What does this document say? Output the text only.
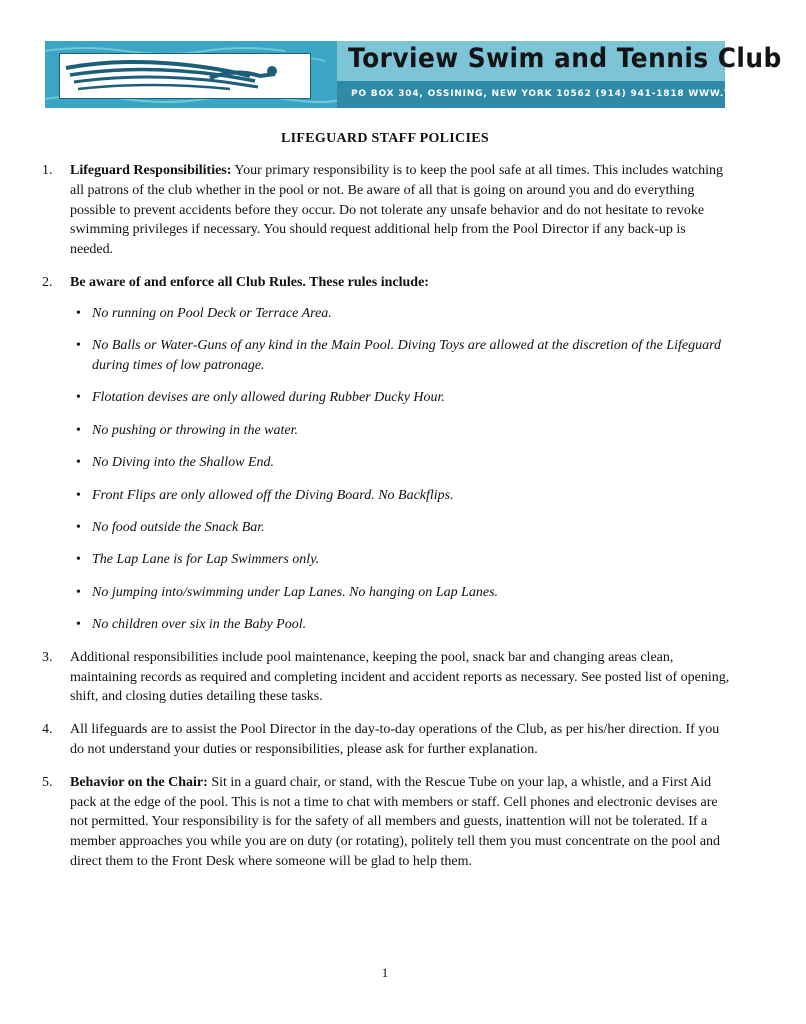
Torview Swim and Tennis Club
PO BOX 304, OSSINING, NEW YORK 10562 (914) 941-1818 WWW.TORVIEW.COM
LIFEGUARD STAFF POLICIES
1. Lifeguard Responsibilities: Your primary responsibility is to keep the pool safe at all times. This includes watching all patrons of the club whether in the pool or not. Be aware of all that is going on around you and do everything possible to prevent accidents before they occur. Do not tolerate any unsafe behavior and do not hesitate to revoke swimming privileges if necessary. You should request additional help from the Pool Director if any back-up is needed.
2. Be aware of and enforce all Club Rules. These rules include:
• No running on Pool Deck or Terrace Area.
• No Balls or Water-Guns of any kind in the Main Pool. Diving Toys are allowed at the discretion of the Lifeguard during times of low patronage.
• Flotation devises are only allowed during Rubber Ducky Hour.
• No pushing or throwing in the water.
• No Diving into the Shallow End.
• Front Flips are only allowed off the Diving Board. No Backflips.
• No food outside the Snack Bar.
• The Lap Lane is for Lap Swimmers only.
• No jumping into/swimming under Lap Lanes. No hanging on Lap Lanes.
• No children over six in the Baby Pool.
3. Additional responsibilities include pool maintenance, keeping the pool, snack bar and changing areas clean, maintaining records as required and completing incident and accident reports as necessary. See posted list of opening, shift, and closing duties detailing these tasks.
4. All lifeguards are to assist the Pool Director in the day-to-day operations of the Club, as per his/her direction. If you do not understand your duties or responsibilities, please ask for further explanation.
5. Behavior on the Chair: Sit in a guard chair, or stand, with the Rescue Tube on your lap, a whistle, and a First Aid pack at the edge of the pool. This is not a time to chat with members or staff. Cell phones and electronic devises are not permitted. Your responsibility is for the safety of all members and guests, inattention will not be tolerated. If a member approaches you while you are on duty (or rotating), politely tell them you must concentrate on the pool and direct them to the Front Desk where someone will be glad to help them.
1
